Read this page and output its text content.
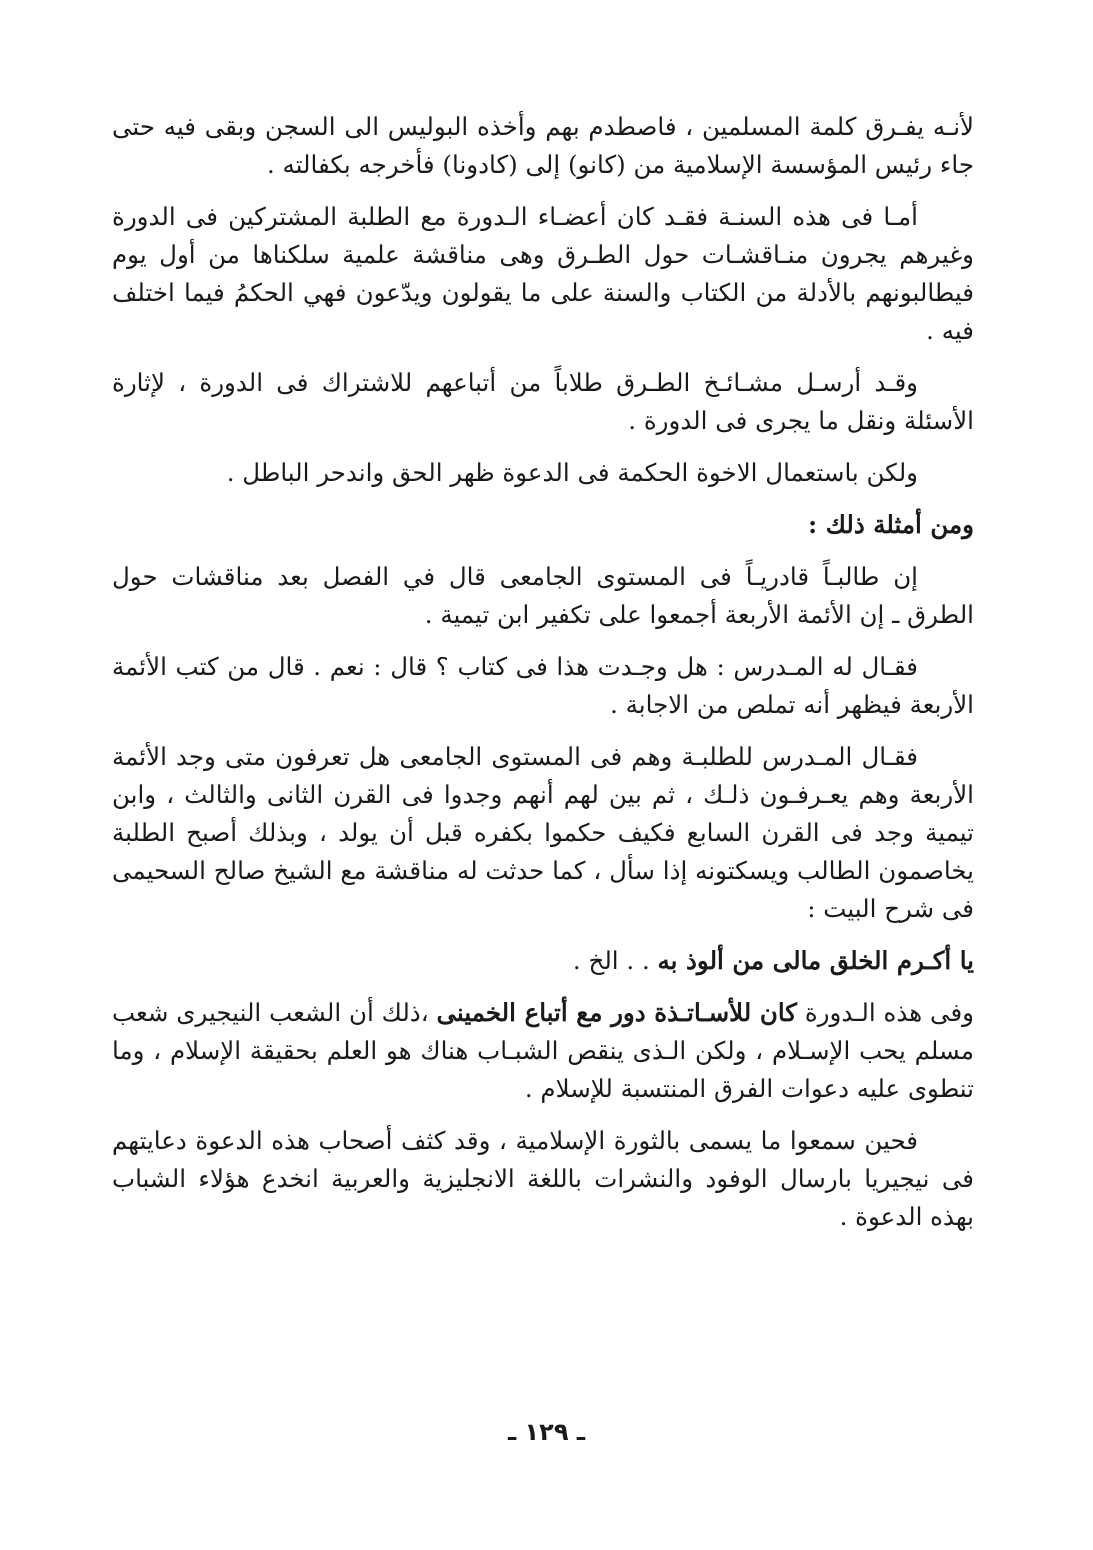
لأنـه يفـرق كلمة المسلمين ، فاصطدم بهم وأخذه البوليس الى السجن وبقى فيه حتى جاء رئيس المؤسسة الإسلامية من (كانو) إلى (كادونا) فأخرجه بكفالته .

أمـا فى هذه السنـة فقـد كان أعضـاء الـدورة مع الطلبة المشتركين فى الدورة وغيرهم يجرون منـاقشـات حول الطـرق وهى مناقشة علمية سلكناها من أول يوم فيطالبونهم بالأدلة من الكتاب والسنة على ما يقولون ويدّعون فهي الحكمُ فيما اختلف فيه .

وقـد أرسـل مشـائـخ الطـرق طلاباً من أتباعهم للاشتراك فى الدورة ، لإثارة الأسئلة ونقل ما يجرى فى الدورة .

ولكن باستعمال الاخوة الحكمة فى الدعوة ظهر الحق واندحر الباطل .

ومن أمثلة ذلك :

إن طالبـاً قادريـاً فى المستوى الجامعى قال في الفصل بعد مناقشات حول الطرق ـ إن الأئمة الأربعة أجمعوا على تكفير ابن تيمية .

فقـال له المـدرس : هل وجـدت هذا فى كتاب ؟ قال : نعم . قال من كتب الأئمة الأربعة فيظهر أنه تملص من الاجابة .

فقـال المـدرس للطلبـة وهم فى المستوى الجامعى هل تعرفون متى وجد الأئمة الأربعة وهم يعـرفـون ذلـك ، ثم بين لهم أنهم وجدوا فى القرن الثانى والثالث ، وابن تيمية وجد فى القرن السابع فكيف حكموا بكفره قبل أن يولد ، وبذلك أصبح الطلبة يخاصمون الطالب ويسكتونه إذا سأل ، كما حدثت له مناقشة مع الشيخ صالح السحيمى فى شرح البيت :

يا أكـرم الخلق مالى من ألوذ به . . الخ .

وفى هذه الـدورة كان للأسـاتـذة دور مع أتباع الخمينى ،ذلك أن الشعب النيجيرى شعب مسلم يحب الإسـلام ، ولكن الـذى ينقص الشبـاب هناك هو العلم بحقيقة الإسلام ، وما تنطوى عليه دعوات الفرق المنتسبة للإسلام .

فحين سمعوا ما يسمى بالثورة الإسلامية ، وقد كثف أصحاب هذه الدعوة دعايتهم فى نيجيريا بارسال الوفود والنشرات باللغة الانجليزية والعربية انخدع هؤلاء الشباب بهذه الدعوة .

ـ ١٢٩ ـ
